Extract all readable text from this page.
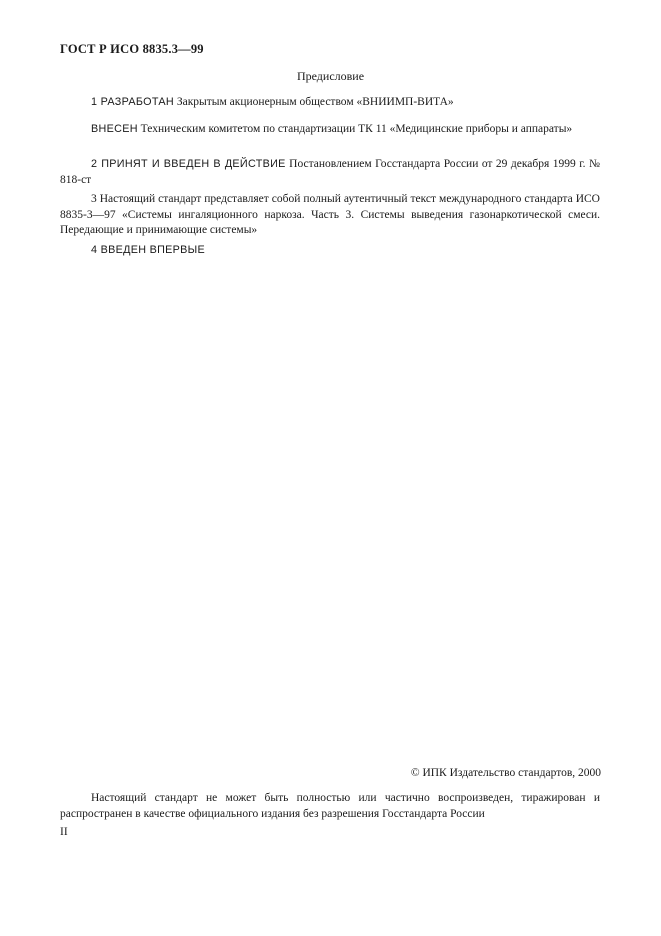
ГОСТ Р ИСО 8835.3—99
Предисловие
1 РАЗРАБОТАН Закрытым акционерным обществом «ВНИИМП-ВИТА»
ВНЕСЕН Техническим комитетом по стандартизации ТК 11 «Медицинские приборы и аппараты»
2 ПРИНЯТ И ВВЕДЕН В ДЕЙСТВИЕ Постановлением Госстандарта России от 29 декабря 1999 г. № 818-ст
3 Настоящий стандарт представляет собой полный аутентичный текст международного стандарта ИСО 8835-3—97 «Системы ингаляционного наркоза. Часть 3. Системы выведения газонаркотической смеси. Передающие и принимающие системы»
4 ВВЕДЕН ВПЕРВЫЕ
© ИПК Издательство стандартов, 2000
Настоящий стандарт не может быть полностью или частично воспроизведен, тиражирован и распространен в качестве официального издания без разрешения Госстандарта России
II
